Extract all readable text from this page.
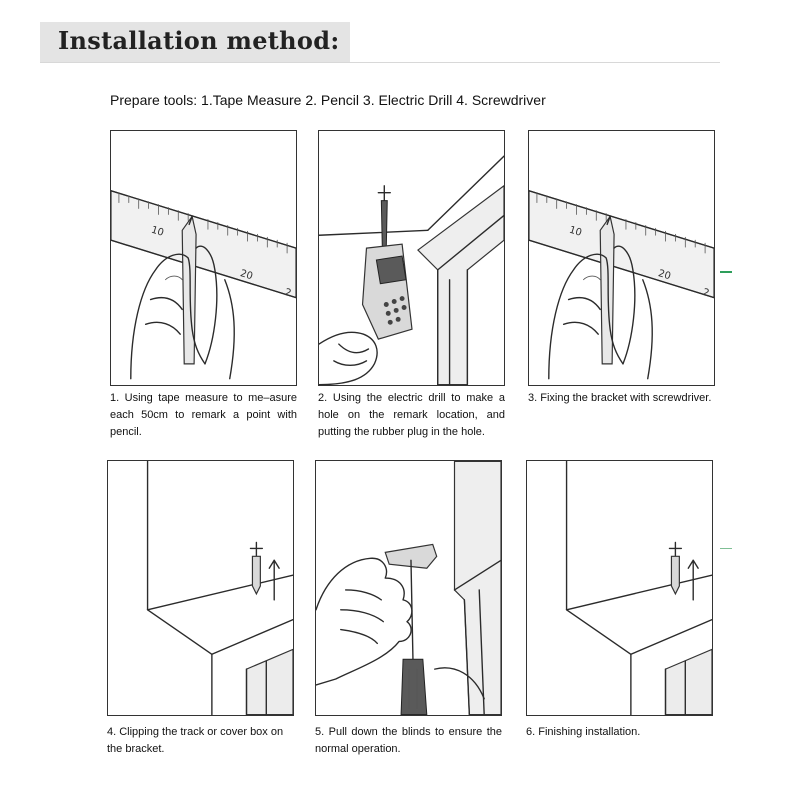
Installation method:
Prepare tools: 1.Tape Measure 2. Pencil 3. Electric Drill 4. Screwdriver
10
20
2
1. Using tape measure to me–asure each 50cm to remark a point with pencil.
2. Using the electric drill to make a hole on the remark location, and putting the rubber plug in the hole.
10
20
2
3. Fixing the bracket with screwdriver.
4. Clipping the track or cover box on the bracket.
5. Pull down the blinds to ensure the normal operation.
6. Finishing installation.
